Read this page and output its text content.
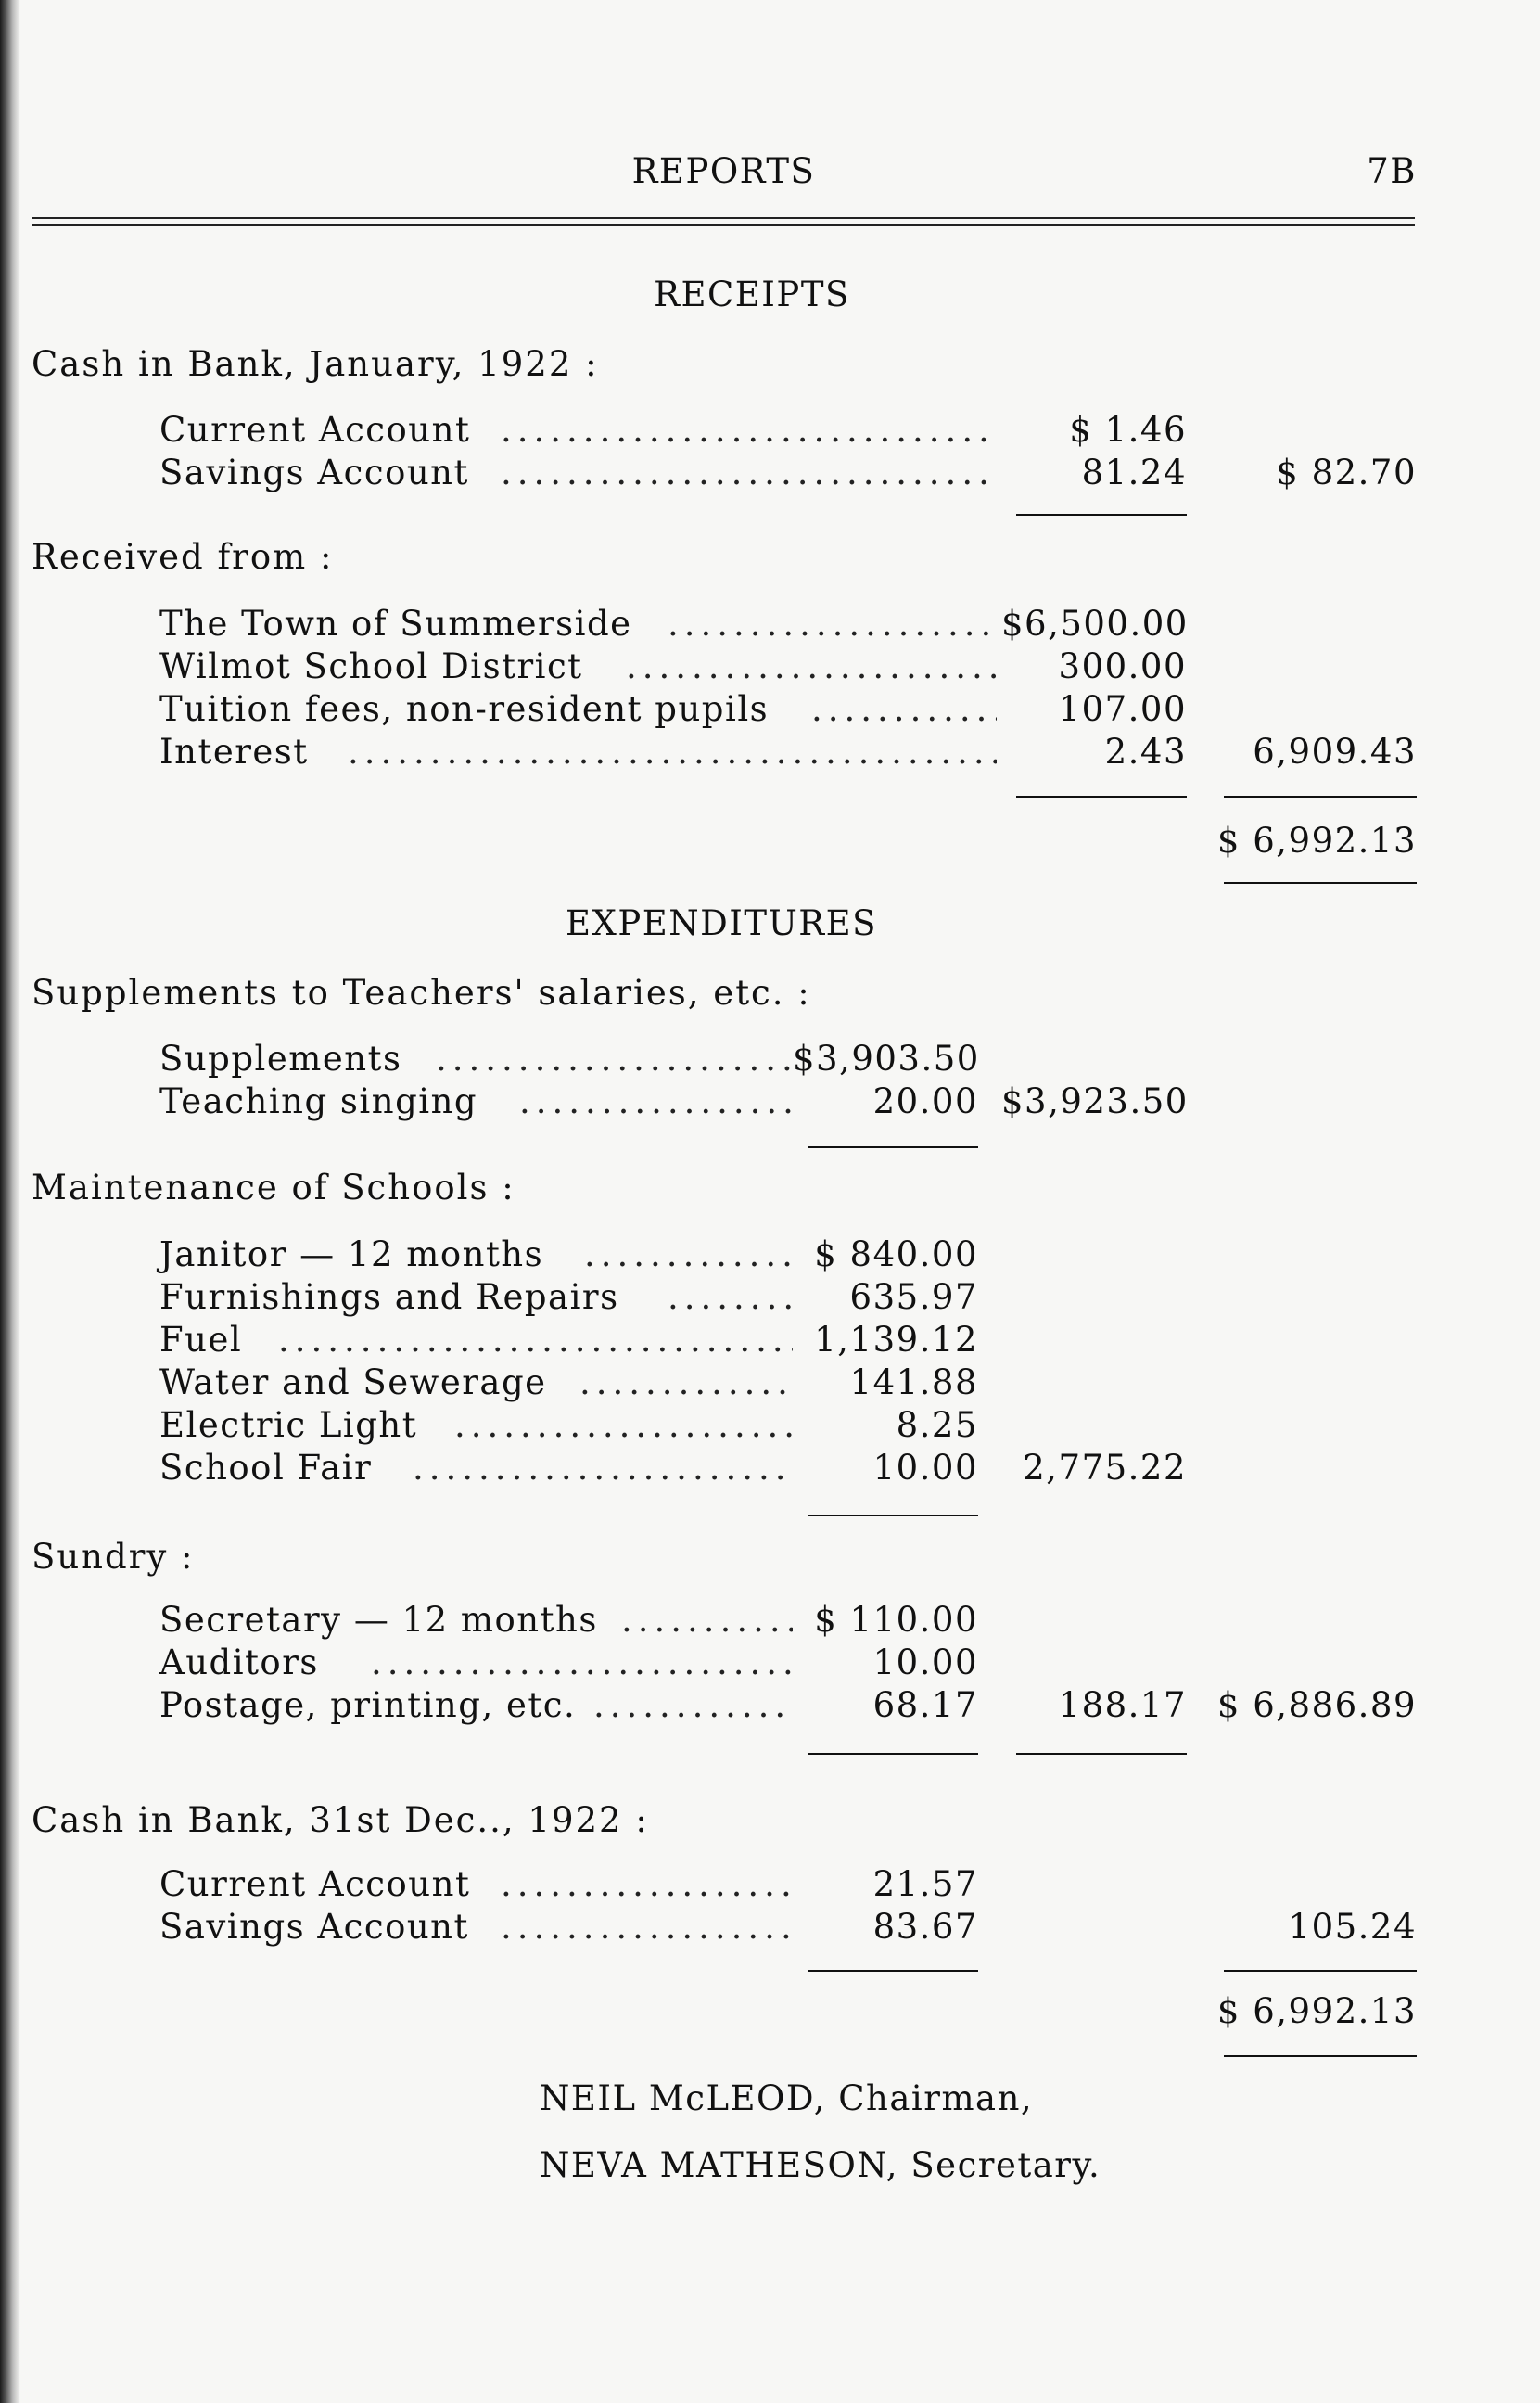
REPORTS	7B
RECEIPTS
Cash in Bank, January, 1922 :
Current Account .....	$ 1.46
Savings Account .....	81.24	$ 82.70
Received from :
The Town of Summerside .....	$6,500.00
Wilmot School District .....	300.00
Tuition fees, non-resident pupils .....	107.00
Interest .....	2.43	6,909.43
$ 6,992.13
EXPENDITURES
Supplements to Teachers' salaries, etc. :
Supplements .....	$3,903.50
Teaching singing .....	20.00 $3,923.50
Maintenance of Schools :
Janitor — 12 months .....	$ 840.00
Furnishings and Repairs .....	635.97
Fuel .....	1,139.12
Water and Sewerage .....	141.88
Electric Light .....	8.25
School Fair .....	10.00	2,775.22
Sundry :
Secretary — 12 months .....	$ 110.00
Auditors .....	10.00
Postage, printing, etc. .....	68.17	188.17 $ 6,886.89
Cash in Bank, 31st Dec.., 1922 :
Current Account .....	21.57
Savings Account .....	83.67	105.24
$ 6,992.13
NEIL McLEOD, Chairman,
NEVA MATHESON, Secretary.
